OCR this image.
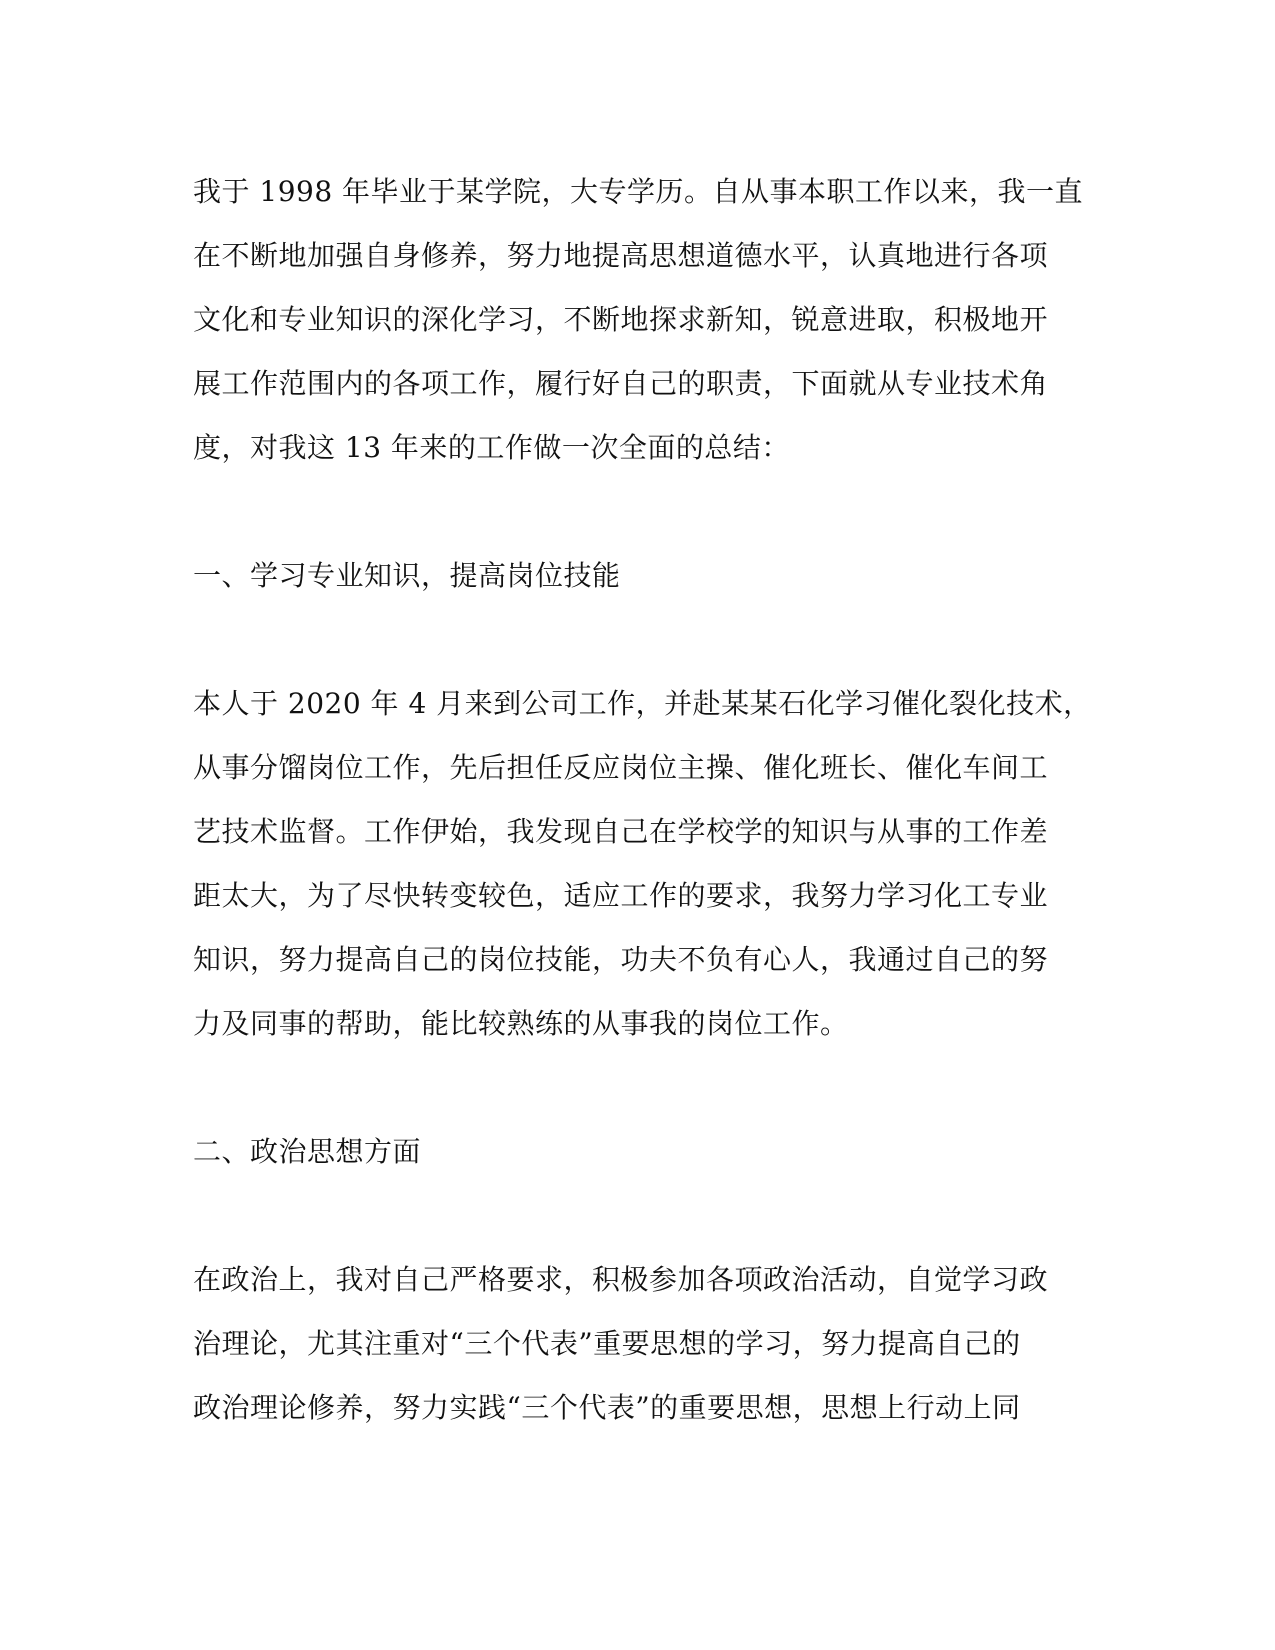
我于 1998 年毕业于某学院，大专学历。自从事本职工作以来，我一直
在不断地加强自身修养，努力地提高思想道德水平，认真地进行各项
文化和专业知识的深化学习，不断地探求新知，锐意进取，积极地开
展工作范围内的各项工作，履行好自己的职责，下面就从专业技术角
度，对我这 13 年来的工作做一次全面的总结：
一、学习专业知识，提高岗位技能
本人于 2020 年 4 月来到公司工作，并赴某某石化学习催化裂化技术，
从事分馏岗位工作，先后担任反应岗位主操、催化班长、催化车间工
艺技术监督。工作伊始，我发现自己在学校学的知识与从事的工作差
距太大，为了尽快转变较色，适应工作的要求，我努力学习化工专业
知识，努力提高自己的岗位技能，功夫不负有心人，我通过自己的努
力及同事的帮助，能比较熟练的从事我的岗位工作。
二、政治思想方面
在政治上，我对自己严格要求，积极参加各项政治活动，自觉学习政
治理论，尤其注重对“三个代表”重要思想的学习，努力提高自己的
政治理论修养，努力实践“三个代表”的重要思想，思想上行动上同
